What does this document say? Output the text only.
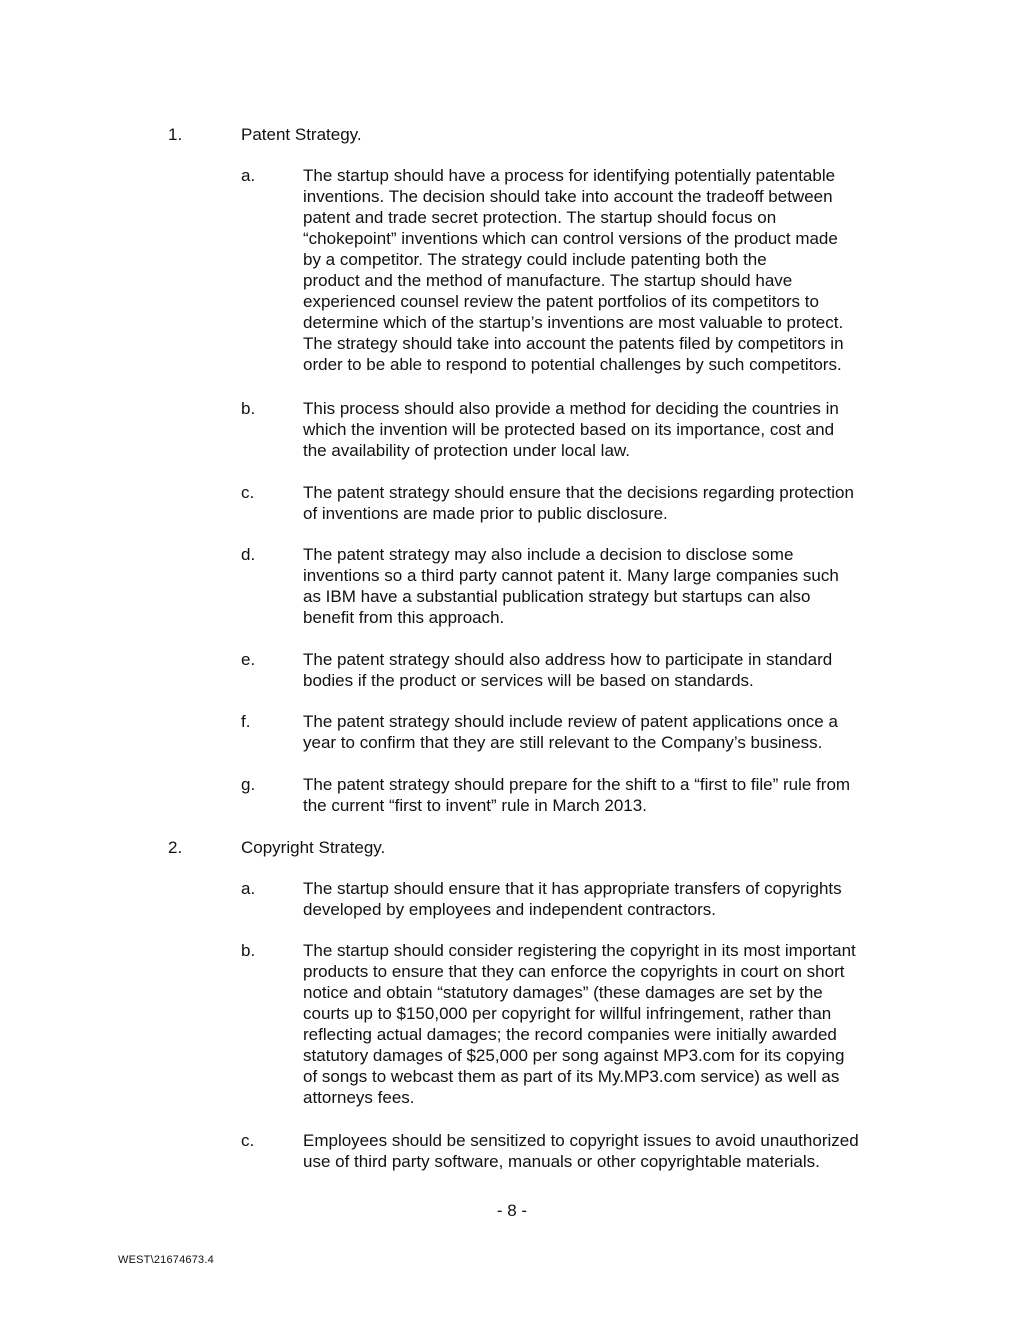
1.	Patent Strategy.
a.	The startup should have a process for identifying potentially patentable
inventions. The decision should take into account the tradeoff between
patent and trade secret protection. The startup should focus on
“chokepoint” inventions which can control versions of the product made
by a competitor. The strategy could include patenting both the
product and the method of manufacture. The startup should have
experienced counsel review the patent portfolios of its competitors to
determine which of the startup’s inventions are most valuable to protect.
The strategy should take into account the patents filed by competitors in
order to be able to respond to potential challenges by such competitors.
b.	This process should also provide a method for deciding the countries in
which the invention will be protected based on its importance, cost and
the availability of protection under local law.
c.	The patent strategy should ensure that the decisions regarding protection
of inventions are made prior to public disclosure.
d.	The patent strategy may also include a decision to disclose some
inventions so a third party cannot patent it. Many large companies such
as IBM have a substantial publication strategy but startups can also
benefit from this approach.
e.	The patent strategy should also address how to participate in standard
bodies if the product or services will be based on standards.
f.	The patent strategy should include review of patent applications once a
year to confirm that they are still relevant to the Company’s business.
g.	The patent strategy should prepare for the shift to a “first to file” rule from
the current “first to invent” rule in March 2013.
2.	Copyright Strategy.
a.	The startup should ensure that it has appropriate transfers of copyrights
developed by employees and independent contractors.
b.	The startup should consider registering the copyright in its most important
products to ensure that they can enforce the copyrights in court on short
notice and obtain “statutory damages” (these damages are set by the
courts up to $150,000 per copyright for willful infringement, rather than
reflecting actual damages; the record companies were initially awarded
statutory damages of $25,000 per song against MP3.com for its copying
of songs to webcast them as part of its My.MP3.com service) as well as
attorneys fees.
c.	Employees should be sensitized to copyright issues to avoid unauthorized
use of third party software, manuals or other copyrightable materials.
- 8 -
WEST\21674673.4
